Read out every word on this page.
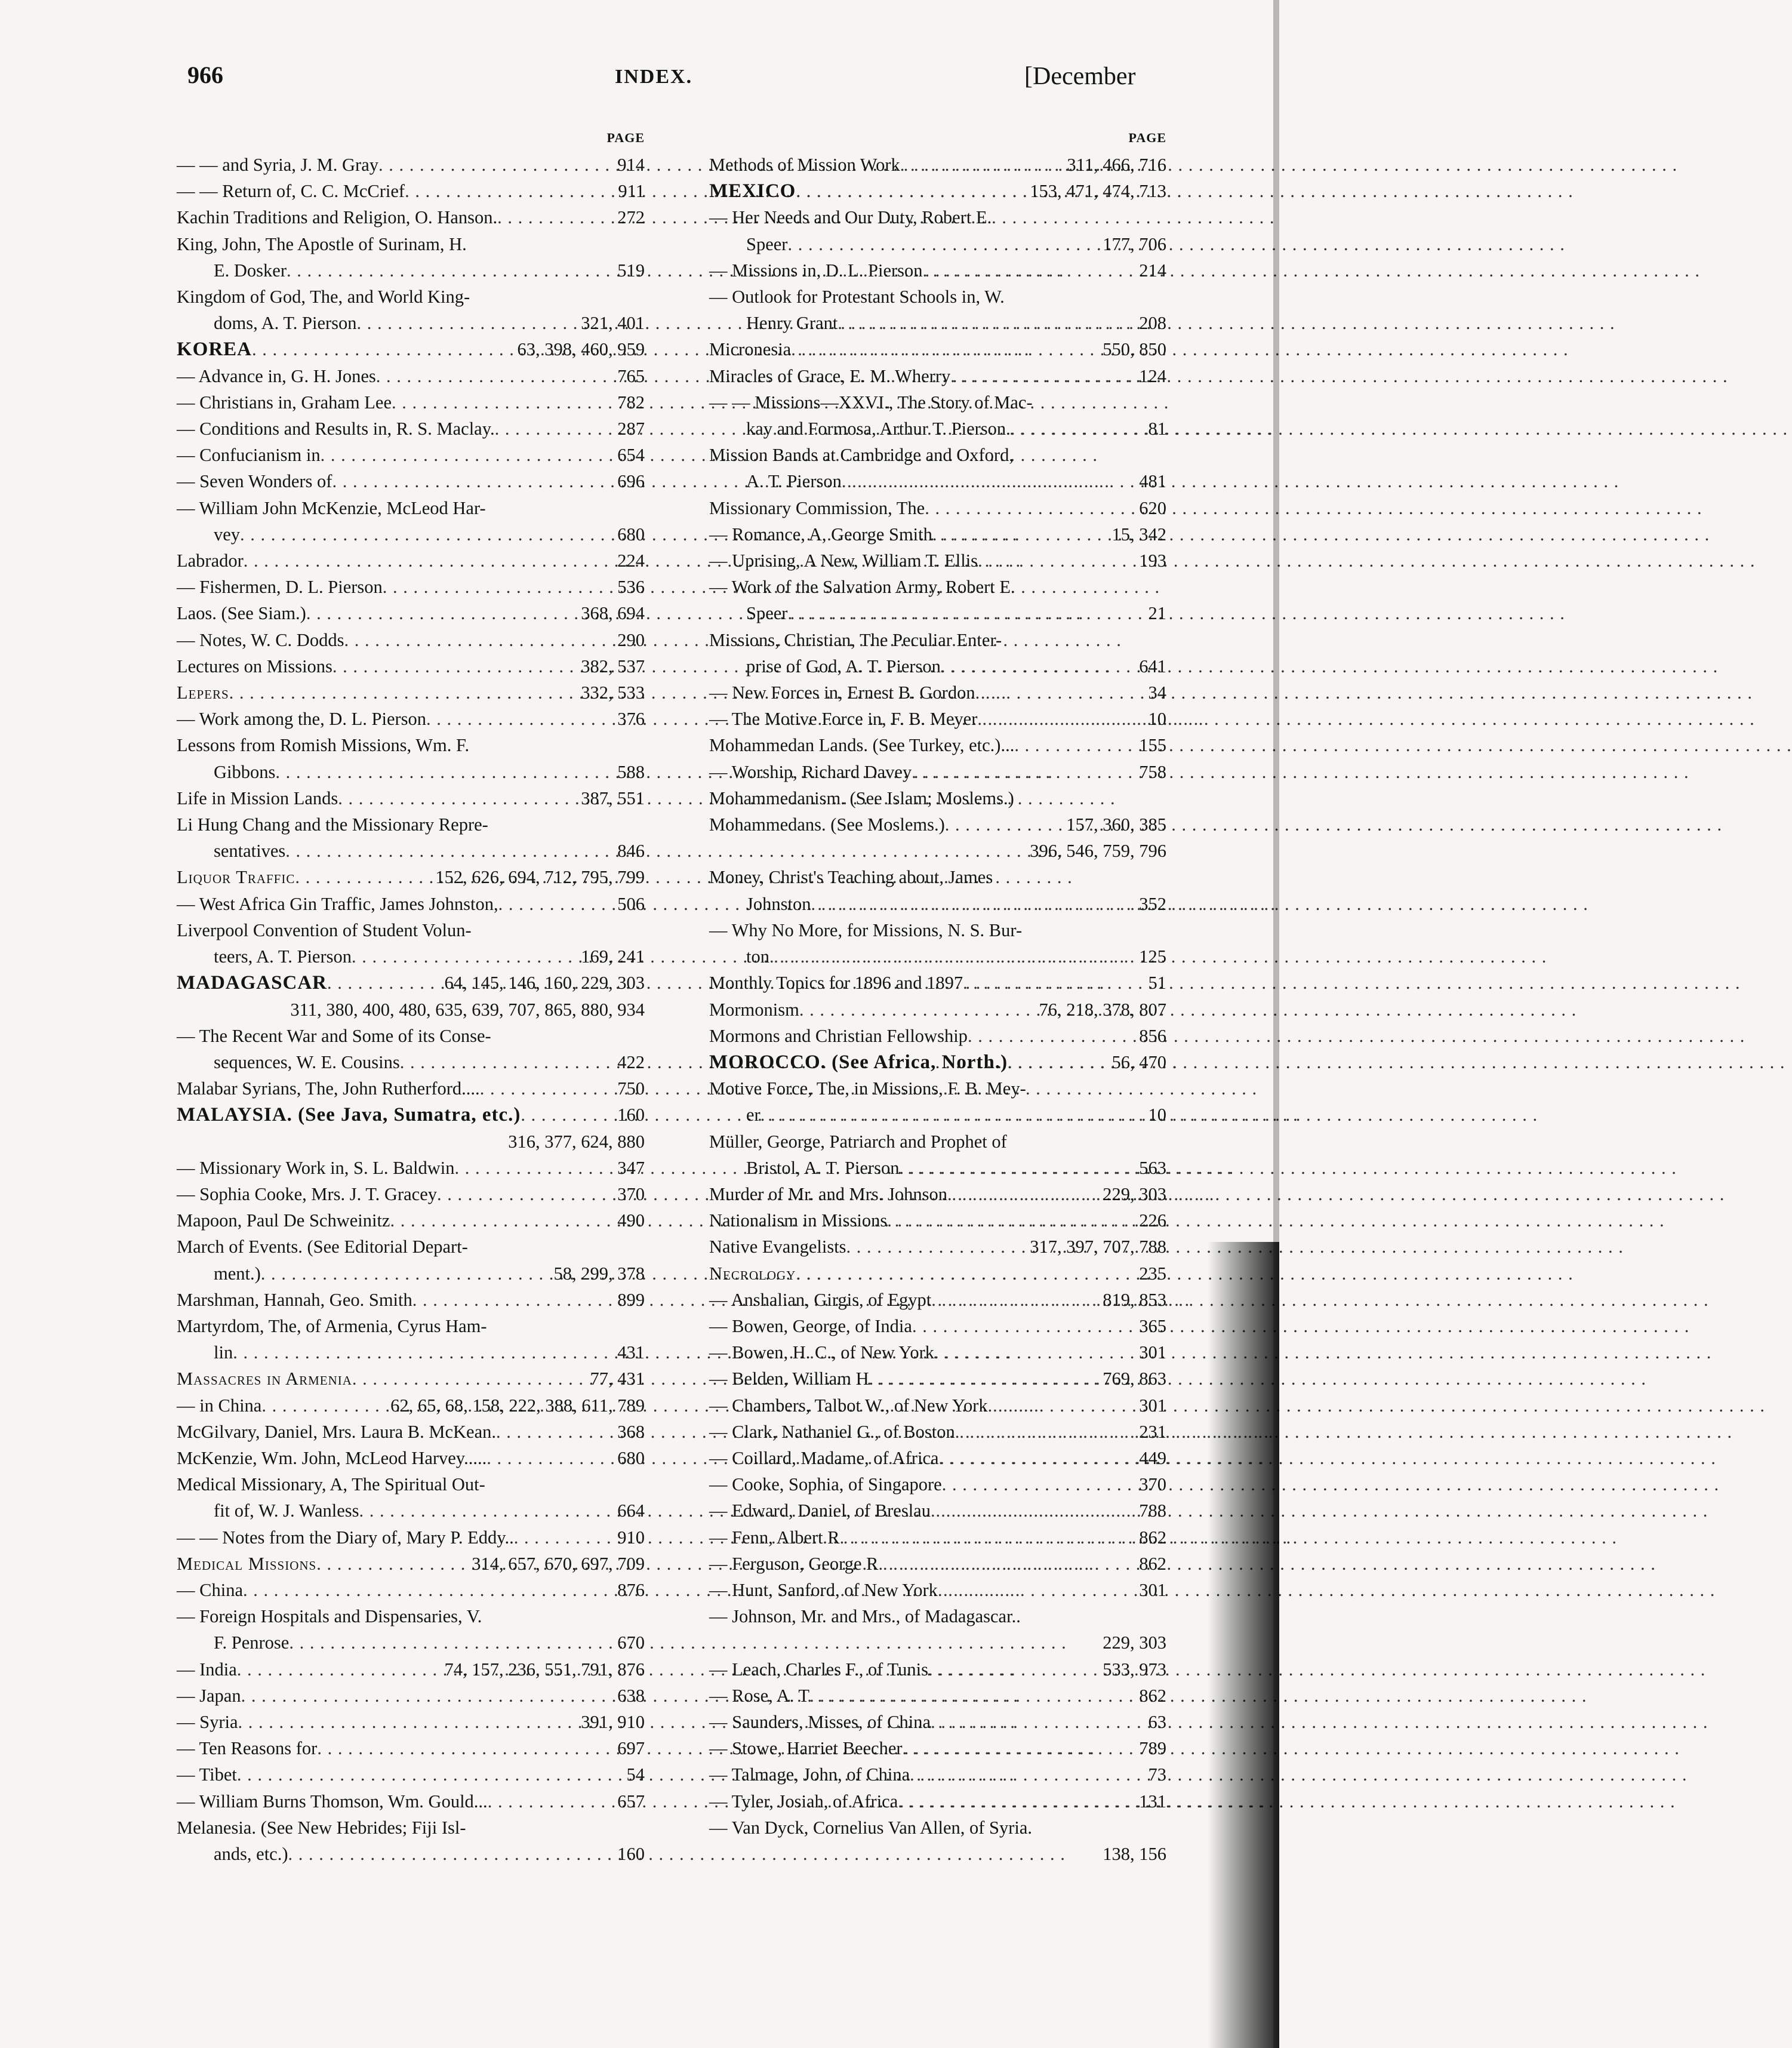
966	INDEX.	[December
PAGE
— — and Syria, J. M. Gray . . .	914
— — Return of, C. C. McCrief . . .	911
Kachin Traditions and Religion, O. Hanson. . . .	272
King, John, The Apostle of Surinam, H.
E. Dosker . . .	519
Kingdom of God, The, and World King-
doms, A. T. Pierson . . .	321, 401
KOREA . . .	63, 398, 460, 959
— Advance in, G. H. Jones . . .	765
— Christians in, Graham Lee . . .	782
— Conditions and Results in, R. S. Maclay. . . .	287
— Confucianism in . . .	654
— Seven Wonders of . . .	696
— William John McKenzie, McLeod Har-
vey . . .	680
Labrador . . .	224
— Fishermen, D. L. Pierson . . .	536
Laos. (See Siam.) . . .	368, 694
— Notes, W. C. Dodds . . .	290
Lectures on Missions . . .	382, 537
Lepers . . .	332, 533
— Work among the, D. L. Pierson . . .	376
Lessons from Romish Missions, Wm. F.
Gibbons . . .	588
Life in Mission Lands . . .	387, 551
Li Hung Chang and the Missionary Repre-
sentatives . . .	846
Liquor Traffic . . .	152, 626, 694, 712, 795, 799
— West Africa Gin Traffic, James Johnston, . . .	506
Liverpool Convention of Student Volun-
teers, A. T. Pierson . . .	169, 241
MADAGASCAR . . .	64, 145, 146, 160, 229, 303
311, 380, 400, 480, 635, 639, 707, 865, 880, 934
— The Recent War and Some of its Conse-
sequences, W. E. Cousins . . .	422
Malabar Syrians, The, John Rutherford.... . . .	750
MALAYSIA. (See Java, Sumatra, etc.) . . .	160
316, 377, 624, 880
— Missionary Work in, S. L. Baldwin . . .	347
— Sophia Cooke, Mrs. J. T. Gracey . . .	370
Mapoon, Paul De Schweinitz . . .	490
March of Events. (See Editorial Depart-
ment.) . . .	58, 299, 378
Marshman, Hannah, Geo. Smith . . .	899
Martyrdom, The, of Armenia, Cyrus Ham-
lin . . .	431
Massacres in Armenia . . .	77, 431
— in China . . .	62, 65, 68, 158, 222, 388, 611, 789
McGilvary, Daniel, Mrs. Laura B. McKean. . . .	368
McKenzie, Wm. John, McLeod Harvey..... . . .	680
Medical Missionary, A, The Spiritual Out-
fit of, W. J. Wanless . . .	664
— — Notes from the Diary of, Mary P. Eddy.. . . .	910
Medical Missions . . .	314, 657, 670, 697, 709
— China . . .	876
— Foreign Hospitals and Dispensaries, V.
F. Penrose . . .	670
— India . . .	74, 157, 236, 551, 791, 876
— Japan . . .	638
— Syria . . .	391, 910
— Ten Reasons for . . .	697
— Tibet . . .	54
— William Burns Thomson, Wm. Gould... . . .	657
Melanesia. (See New Hebrides; Fiji Isl-
ands, etc.) . . .	160
PAGE
Methods of Mission Work . . .	311, 466, 716
MEXICO . . .	153, 471, 474, 713
— Her Needs and Our Duty, Robert E.
Speer . . .	177, 706
— Missions in, D. L. Pierson . . .	214
— Outlook for Protestant Schools in, W.
Henry Grant . . .	208
Micronesia . . .	550, 850
Miracles of Grace, E. M. Wherry . . .	124
— — Missions—XXVI., The Story of Mac-
kay and Formosa, Arthur T. Pierson. . . .	81
Mission Bands at Cambridge and Oxford,
A. T. Pierson . . .	481
Missionary Commission, The . . .	620
— Romance, A, George Smith . . .	15, 342
— Uprising, A New, William T. Ellis . . .	193
— Work of the Salvation Army, Robert E.
Speer . . .	21
Missions, Christian, The Peculiar Enter-
prise of God, A. T. Pierson . . .	641
— New Forces in, Ernest B. Gordon . . .	34
— The Motive Force in, F. B. Meyer . . .	10
Mohammedan Lands. (See Turkey, etc.)... . . .	155
— Worship, Richard Davey . . .	758
Mohammedanism. (See Islam; Moslems.)
Mohammedans. (See Moslems.) . . .	157, 360, 385
396, 546, 759, 796
Money, Christ's Teaching about, James
Johnston . . .	352
— Why No More, for Missions, N. S. Bur-
ton . . .	125
Monthly Topics for 1896 and 1897 . . .	51
Mormonism . . .	76, 218, 378, 807
Mormons and Christian Fellowship . . .	856
MOROCCO. (See Africa, North.) . . .	56, 470
Motive Force, The, in Missions, F. B. Mey-
er . . .	10
Müller, George, Patriarch and Prophet of
Bristol, A. T. Pierson . . .	563
Murder of Mr. and Mrs. Johnson . . .	229, 303
Nationalism in Missions . . .	226
Native Evangelists . . .	317, 397, 707, 788
Necrology . . .	235
— Anshalian, Girgis, of Egypt . . .	819, 853
— Bowen, George, of India . . .	365
— Bowen, H. C., of New York . . .	301
— Belden, William H . . .	769, 863
— Chambers, Talbot W., of New York . . .	301
— Clark, Nathaniel G., of Boston . . .	231
— Coillard, Madame, of Africa . . .	449
— Cooke, Sophia, of Singapore . . .	370
— Edward, Daniel, of Breslau . . .	788
— Fenn, Albert R . . .	862
— Ferguson, George R . . .	862
— Hunt, Sanford, of New York . . .	301
— Johnson, Mr. and Mrs., of Madagascar..
229, 303
— Leach, Charles F., of Tunis . . .	533, 973
— Rose, A. T . . .	862
— Saunders, Misses, of China . . .	63
— Stowe, Harriet Beecher . . .	789
— Talmage, John, of China . . .	73
— Tyler, Josiah, of Africa . . .	131
— Van Dyck, Cornelius Van Allen, of Syria.
138, 156
